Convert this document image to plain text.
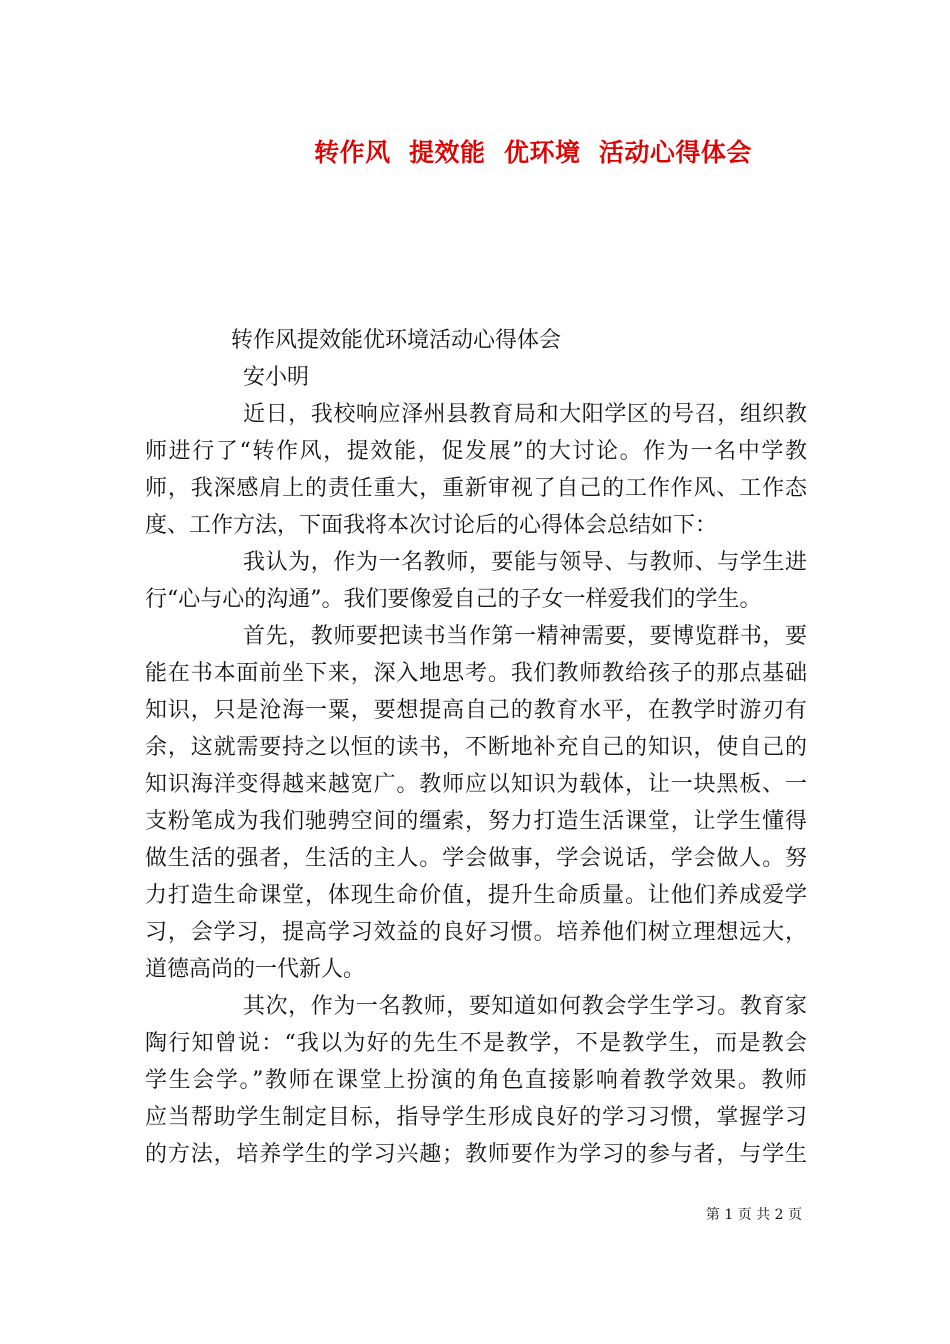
转作风  提效能  优环境  活动心得体会
转作风提效能优环境活动心得体会
安小明
近日，我校响应泽州县教育局和大阳学区的号召，组织教
师进行了“转作风，提效能，促发展”的大讨论。作为一名中学教
师，我深感肩上的责任重大，重新审视了自己的工作作风、工作态
度、工作方法，下面我将本次讨论后的心得体会总结如下：
我认为，作为一名教师，要能与领导、与教师、与学生进
行“心与心的沟通”。我们要像爱自己的子女一样爱我们的学生。
首先，教师要把读书当作第一精神需要，要博览群书，要
能在书本面前坐下来，深入地思考。我们教师教给孩子的那点基础
知识，只是沧海一粟，要想提高自己的教育水平，在教学时游刃有
余，这就需要持之以恒的读书，不断地补充自己的知识，使自己的
知识海洋变得越来越宽广。教师应以知识为载体，让一块黑板、一
支粉笔成为我们驰骋空间的缰索，努力打造生活课堂，让学生懂得
做生活的强者，生活的主人。学会做事，学会说话，学会做人。努
力打造生命课堂，体现生命价值，提升生命质量。让他们养成爱学
习，会学习，提高学习效益的良好习惯。培养他们树立理想远大，
道德高尚的一代新人。
其次，作为一名教师，要知道如何教会学生学习。教育家
陶行知曾说：“我以为好的先生不是教学，不是教学生，而是教会
学生会学。”教师在课堂上扮演的角色直接影响着教学效果。教师
应当帮助学生制定目标，指导学生形成良好的学习习惯，掌握学习
的方法，培养学生的学习兴趣；教师要作为学习的参与者，与学生
第 1 页 共 2 页
